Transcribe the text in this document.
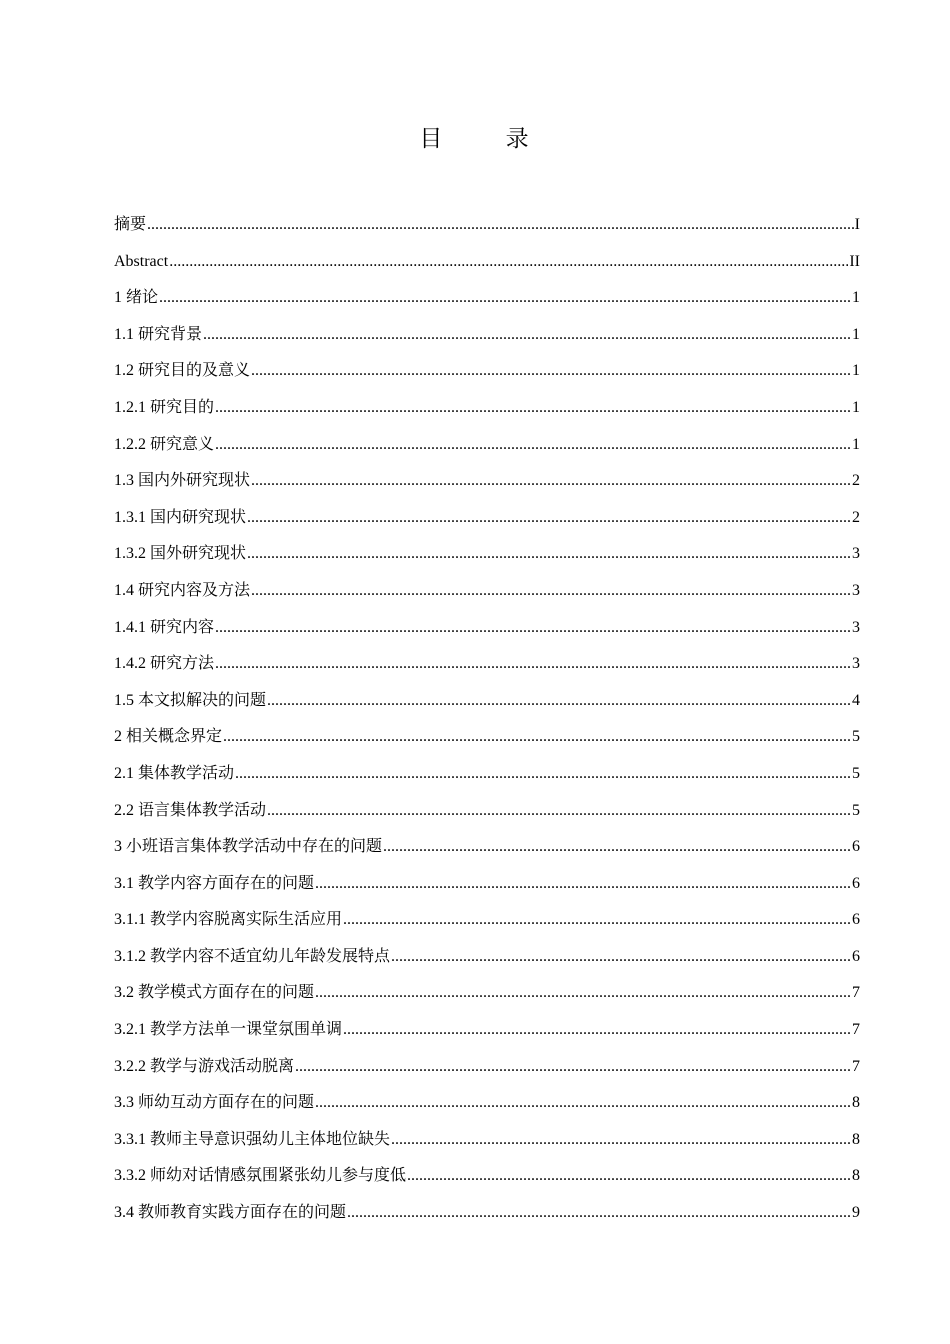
目 录
摘要 .....	I
Abstract .....	II
1 绪论 .....	1
1.1 研究背景 .....	1
1.2 研究目的及意义 .....	1
1.2.1 研究目的 .....	1
1.2.2 研究意义 .....	1
1.3 国内外研究现状 .....	2
1.3.1 国内研究现状 .....	2
1.3.2 国外研究现状 .....	3
1.4 研究内容及方法 .....	3
1.4.1 研究内容 .....	3
1.4.2 研究方法 .....	3
1.5 本文拟解决的问题 .....	4
2 相关概念界定 .....	5
2.1 集体教学活动 .....	5
2.2 语言集体教学活动 .....	5
3 小班语言集体教学活动中存在的问题 .....	6
3.1 教学内容方面存在的问题 .....	6
3.1.1 教学内容脱离实际生活应用 .....	6
3.1.2 教学内容不适宜幼儿年龄发展特点 .....	6
3.2 教学模式方面存在的问题 .....	7
3.2.1 教学方法单一课堂氛围单调 .....	7
3.2.2 教学与游戏活动脱离 .....	7
3.3 师幼互动方面存在的问题 .....	8
3.3.1 教师主导意识强幼儿主体地位缺失 .....	8
3.3.2 师幼对话情感氛围紧张幼儿参与度低 .....	8
3.4 教师教育实践方面存在的问题 .....	9
